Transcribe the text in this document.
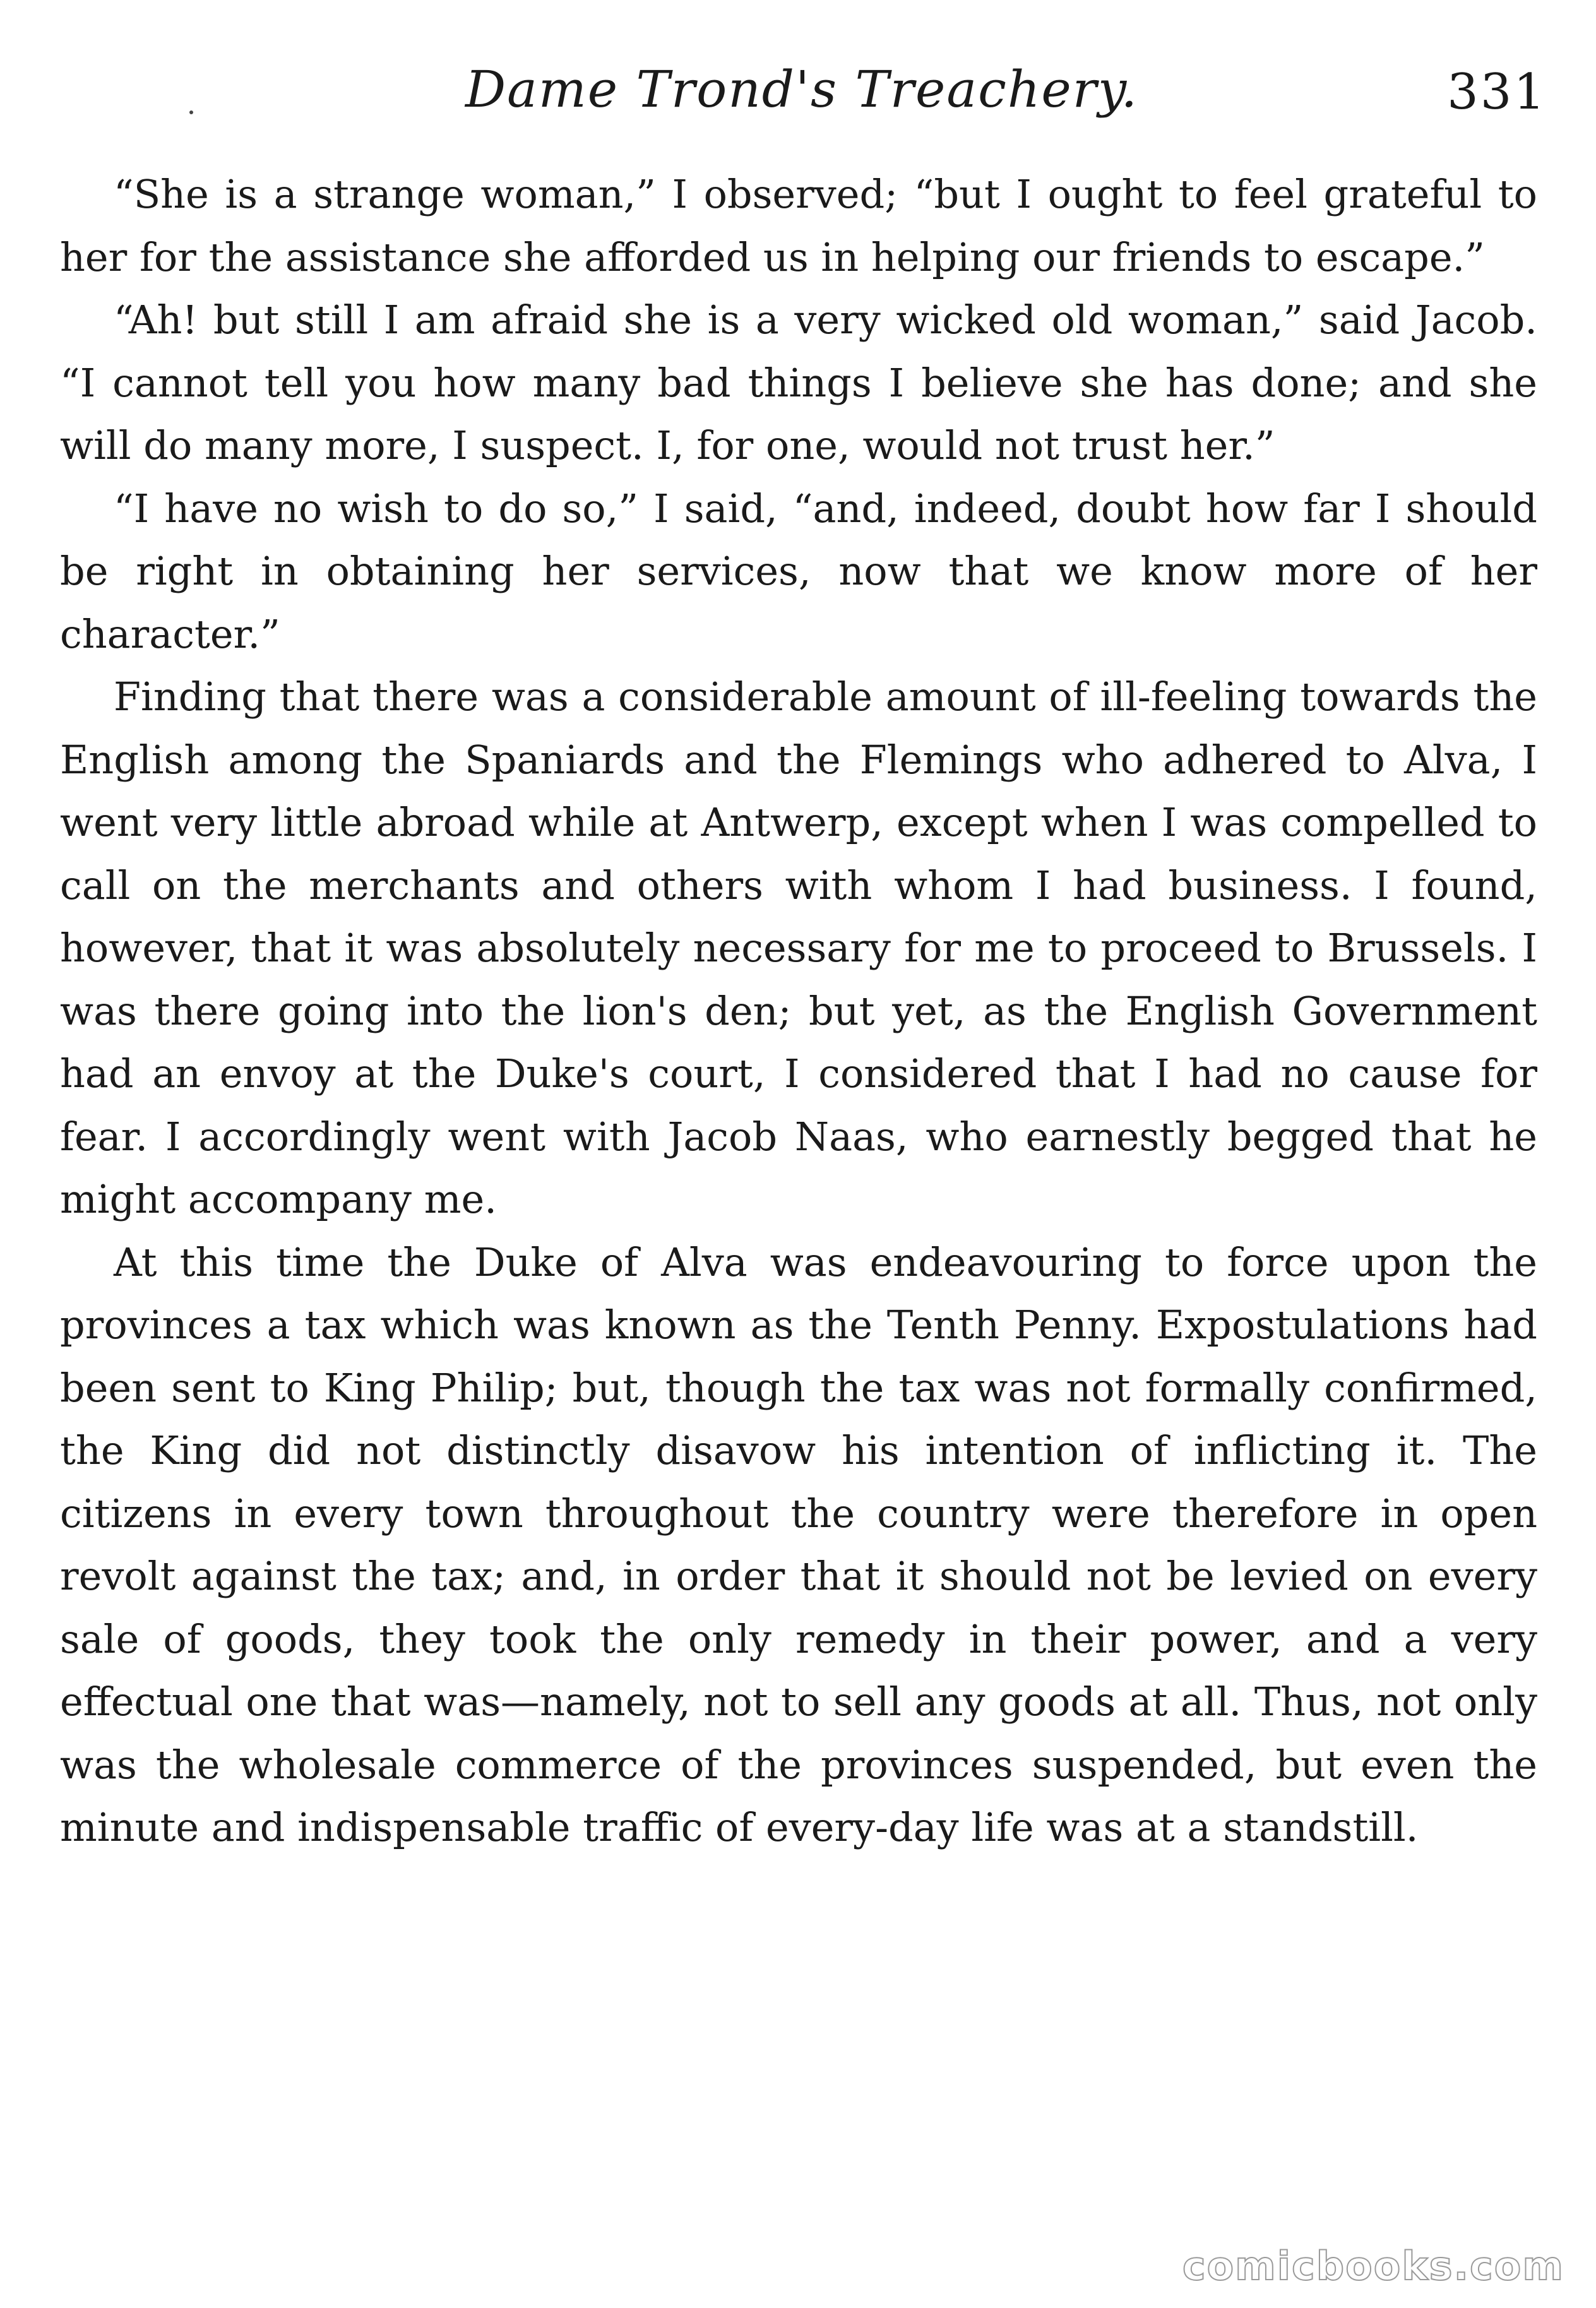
Dame Trond's Treachery.	331

“She is a strange woman,” I observed; “but I ought to feel grateful to her for the assistance she afforded us in helping our friends to escape.”

“Ah! but still I am afraid she is a very wicked old woman,” said Jacob. “I cannot tell you how many bad things I believe she has done; and she will do many more, I suspect. I, for one, would not trust her.”

“I have no wish to do so,” I said, “and, indeed, doubt how far I should be right in obtaining her services, now that we know more of her character.”

Finding that there was a considerable amount of ill-feeling towards the English among the Spaniards and the Flemings who adhered to Alva, I went very little abroad while at Antwerp, except when I was compelled to call on the merchants and others with whom I had business. I found, however, that it was absolutely necessary for me to proceed to Brussels. I was there going into the lion's den; but yet, as the English Government had an envoy at the Duke's court, I considered that I had no cause for fear. I accordingly went with Jacob Naas, who earnestly begged that he might accompany me.

At this time the Duke of Alva was endeavouring to force upon the provinces a tax which was known as the Tenth Penny. Expostulations had been sent to King Philip; but, though the tax was not formally confirmed, the King did not distinctly disavow his intention of inflicting it. The citizens in every town throughout the country were therefore in open revolt against the tax; and, in order that it should not be levied on every sale of goods, they took the only remedy in their power, and a very effectual one that was—namely, not to sell any goods at all. Thus, not only was the wholesale commerce of the provinces suspended, but even the minute and indispensable traffic of every-day life was at a standstill.

comicbooks.com
